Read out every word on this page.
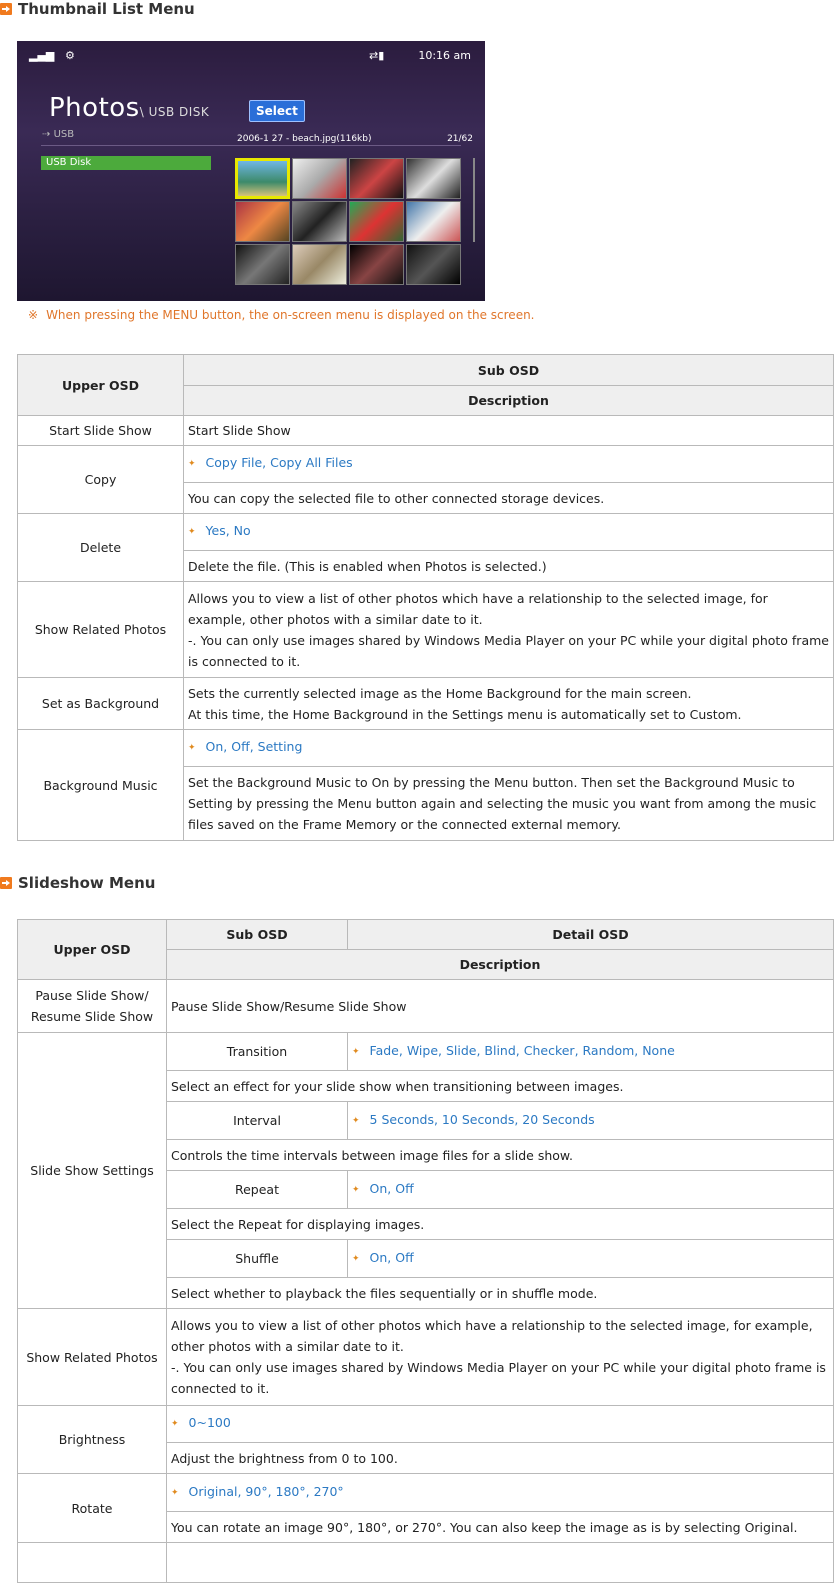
Thumbnail List Menu
▂▄▆ ⚙	⇄▮	10:16 am
Photos\ USB DISK	Select
⇢ USB	2006-1 27 - beach.jpg(116kb)	21/62
USB Disk
※ When pressing the MENU button, the on-screen menu is displayed on the screen.
Upper OSD	Sub OSD
	Description
Start Slide Show	Start Slide Show
Copy	✦ Copy File, Copy All Files
	You can copy the selected file to other connected storage devices.
Delete	✦ Yes, No
	Delete the file. (This is enabled when Photos is selected.)
Show Related Photos	Allows you to view a list of other photos which have a relationship to the selected image, for example, other photos with a similar date to it.
-. You can only use images shared by Windows Media Player on your PC while your digital photo frame is connected to it.

Set as Background	Sets the currently selected image as the Home Background for the main screen.
At this time, the Home Background in the Settings menu is automatically set to Custom.

Background Music	✦ On, Off, Setting
	Set the Background Music to On by pressing the Menu button. Then set the Background Music to Setting by pressing the Menu button again and selecting the music you want from among the music files saved on the Frame Memory or the connected external memory.
Slideshow Menu
Upper OSD	Sub OSD	Detail OSD
	Description	

Pause Slide Show/
Resume Slide Show	Pause Slide Show/Resume Slide Show	
Slide Show Settings	Transition	✦ Fade, Wipe, Slide, Blind, Checker, Random, None
	Select an effect for your slide show when transitioning between images.	
	Interval	✦ 5 Seconds, 10 Seconds, 20 Seconds
	Controls the time intervals between image files for a slide show.	
	Repeat	✦ On, Off
	Select the Repeat for displaying images.	
	Shuffle	✦ On, Off
	Select whether to playback the files sequentially or in shuffle mode.	
Show Related Photos	Allows you to view a list of other photos which have a relationship to the selected image, for example, other photos with a similar date to it.
-. You can only use images shared by Windows Media Player on your PC while your digital photo frame is connected to it.	

Brightness	✦ 0~100
	Adjust the brightness from 0 to 100.	
Rotate	✦ Original, 90°, 180°, 270°
	You can rotate an image 90°, 180°, or 270°. You can also keep the image as is by selecting Original.	
